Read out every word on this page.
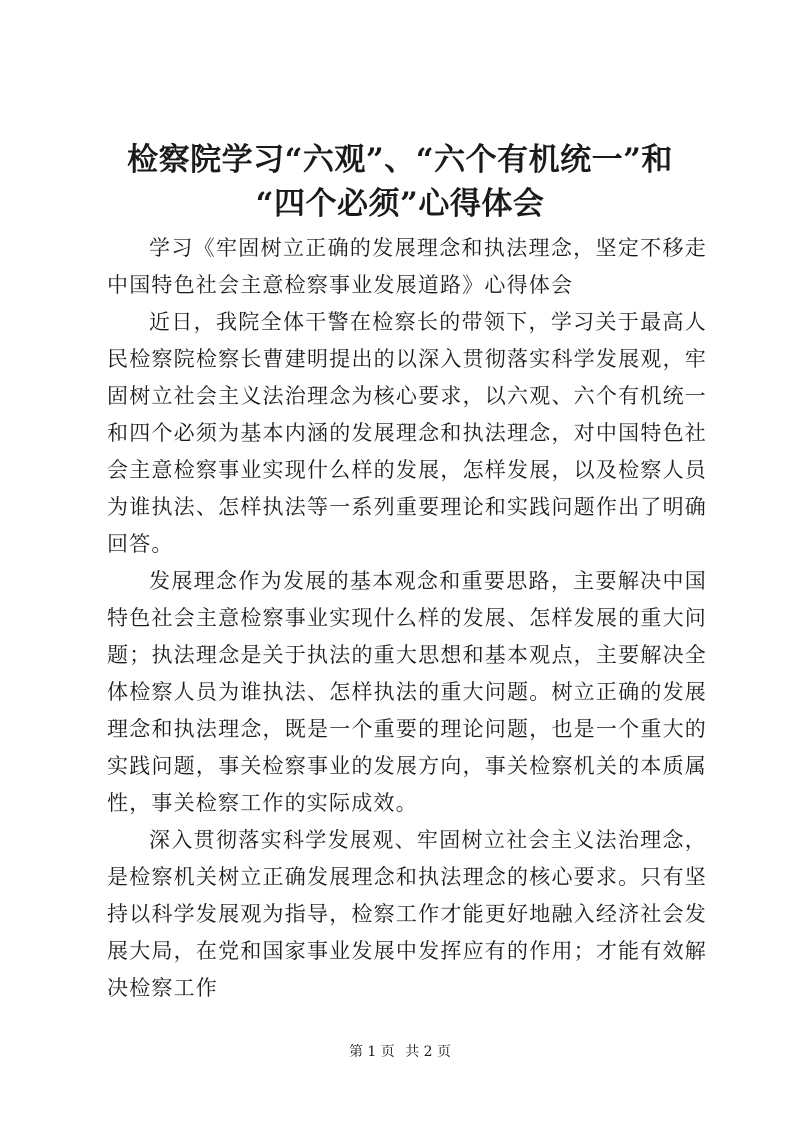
检察院学习“六观”、“六个有机统一”和
“四个必须”心得体会

学习《牢固树立正确的发展理念和执法理念，坚定不移走中国特色社会主意检察事业发展道路》心得体会

近日，我院全体干警在检察长的带领下，学习关于最高人民检察院检察长曹建明提出的以深入贯彻落实科学发展观，牢固树立社会主义法治理念为核心要求，以六观、六个有机统一和四个必须为基本内涵的发展理念和执法理念，对中国特色社会主意检察事业实现什么样的发展，怎样发展，以及检察人员为谁执法、怎样执法等一系列重要理论和实践问题作出了明确回答。

发展理念作为发展的基本观念和重要思路，主要解决中国特色社会主意检察事业实现什么样的发展、怎样发展的重大问题；执法理念是关于执法的重大思想和基本观点，主要解决全体检察人员为谁执法、怎样执法的重大问题。树立正确的发展理念和执法理念，既是一个重要的理论问题，也是一个重大的实践问题，事关检察事业的发展方向，事关检察机关的本质属性，事关检察工作的实际成效。

深入贯彻落实科学发展观、牢固树立社会主义法治理念，是检察机关树立正确发展理念和执法理念的核心要求。只有坚持以科学发展观为指导，检察工作才能更好地融入经济社会发展大局，在党和国家事业发展中发挥应有的作用；才能有效解决检察工作

第 1 页 共 2 页
